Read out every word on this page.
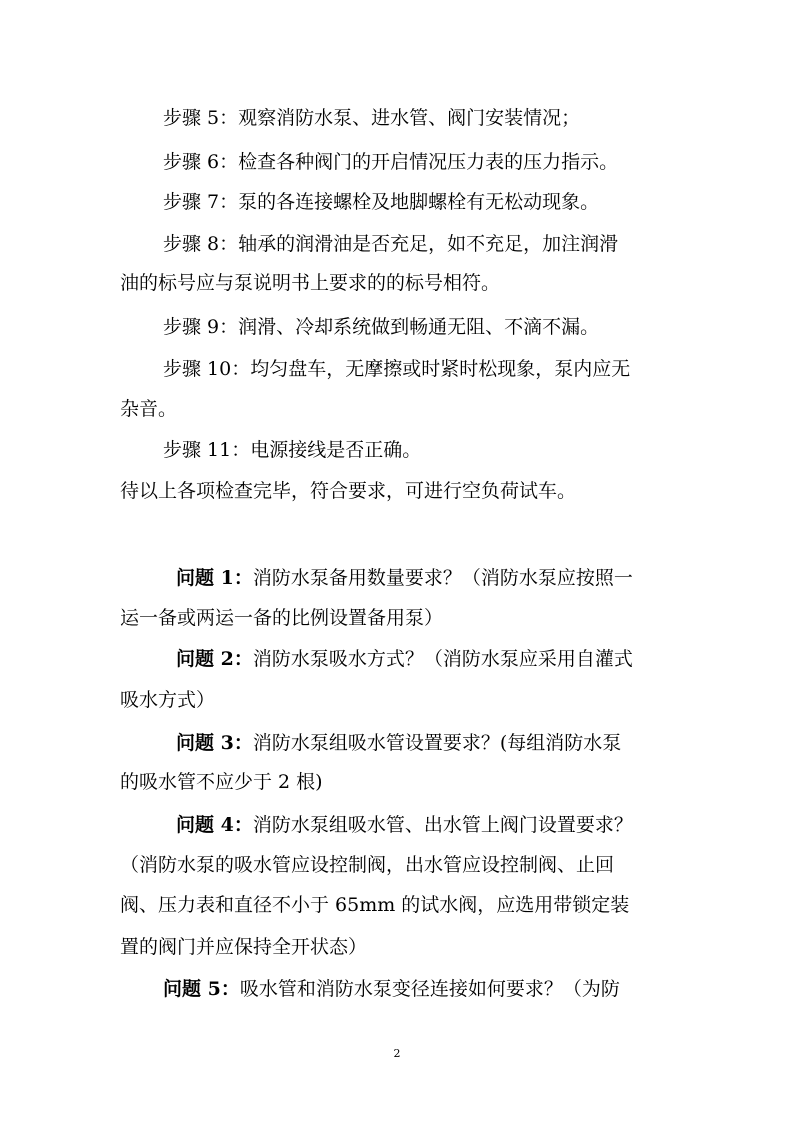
步骤 5：观察消防水泵、进水管、阀门安装情况；
步骤 6：检查各种阀门的开启情况压力表的压力指示。
步骤 7：泵的各连接螺栓及地脚螺栓有无松动现象。
步骤 8：轴承的润滑油是否充足，如不充足，加注润滑
油的标号应与泵说明书上要求的的标号相符。
步骤 9：润滑、冷却系统做到畅通无阻、不滴不漏。
步骤 10：均匀盘车，无摩擦或时紧时松现象，泵内应无
杂音。
步骤 11：电源接线是否正确。
待以上各项检查完毕，符合要求，可进行空负荷试车。
问题 1：消防水泵备用数量要求？（消防水泵应按照一
运一备或两运一备的比例设置备用泵）
问题 2：消防水泵吸水方式？（消防水泵应采用自灌式
吸水方式）
问题 3：消防水泵组吸水管设置要求？(每组消防水泵
的吸水管不应少于 2 根)
问题 4：消防水泵组吸水管、出水管上阀门设置要求？
（消防水泵的吸水管应设控制阀，出水管应设控制阀、止回
阀、压力表和直径不小于 65mm 的试水阀，应选用带锁定装
置的阀门并应保持全开状态）
问题 5：吸水管和消防水泵变径连接如何要求？（为防
2
